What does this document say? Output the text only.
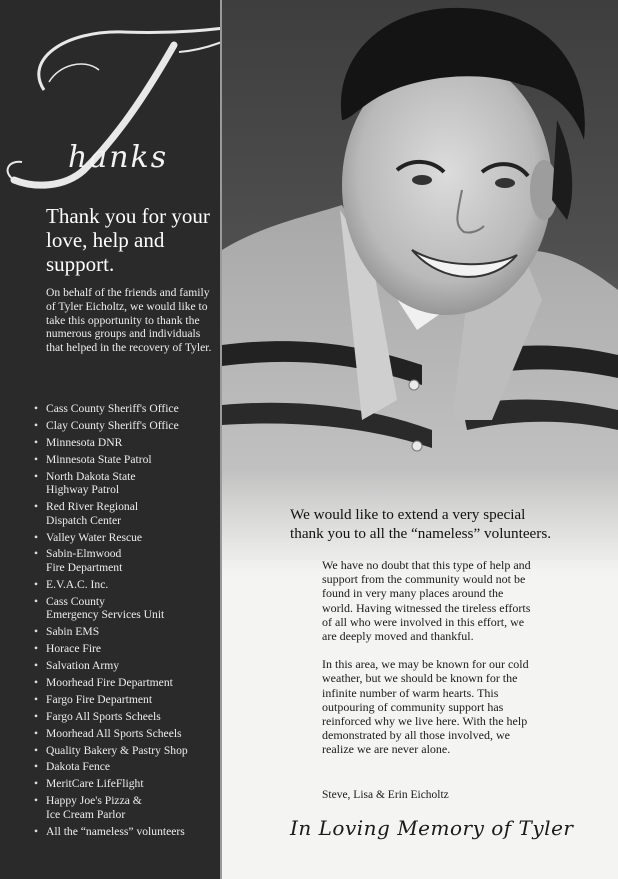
hanks
Thank you for your love, help and support.
On behalf of the friends and family of Tyler Eicholtz, we would like to take this opportunity to thank the numerous groups and individuals that helped in the recovery of Tyler.
• Cass County Sheriff's Office
• Clay County Sheriff's Office
• Minnesota DNR
• Minnesota State Patrol
• North Dakota State
Highway Patrol
• Red River Regional
Dispatch Center
• Valley Water Rescue
• Sabin-Elmwood
Fire Department
• E.V.A.C. Inc.
• Cass County
Emergency Services Unit
• Sabin EMS
• Horace Fire
• Salvation Army
• Moorhead Fire Department
• Fargo Fire Department
• Fargo All Sports Scheels
• Moorhead All Sports Scheels
• Quality Bakery & Pastry Shop
• Dakota Fence
• MeritCare LifeFlight
• Happy Joe's Pizza &
Ice Cream Parlor
• All the “nameless” volunteers
We would like to extend a very special
thank you to all the “nameless” volunteers.

We have no doubt that this type of help and support from the community would not be found in very many places around the world. Having witnessed the tireless efforts of all who were involved in this effort, we are deeply moved and thankful.

In this area, we may be known for our cold weather, but we should be known for the infinite number of warm hearts. This outpouring of community support has reinforced why we live here. With the help demonstrated by all those involved, we realize we are never alone.

Steve, Lisa & Erin Eicholtz
In Loving Memory of Tyler
